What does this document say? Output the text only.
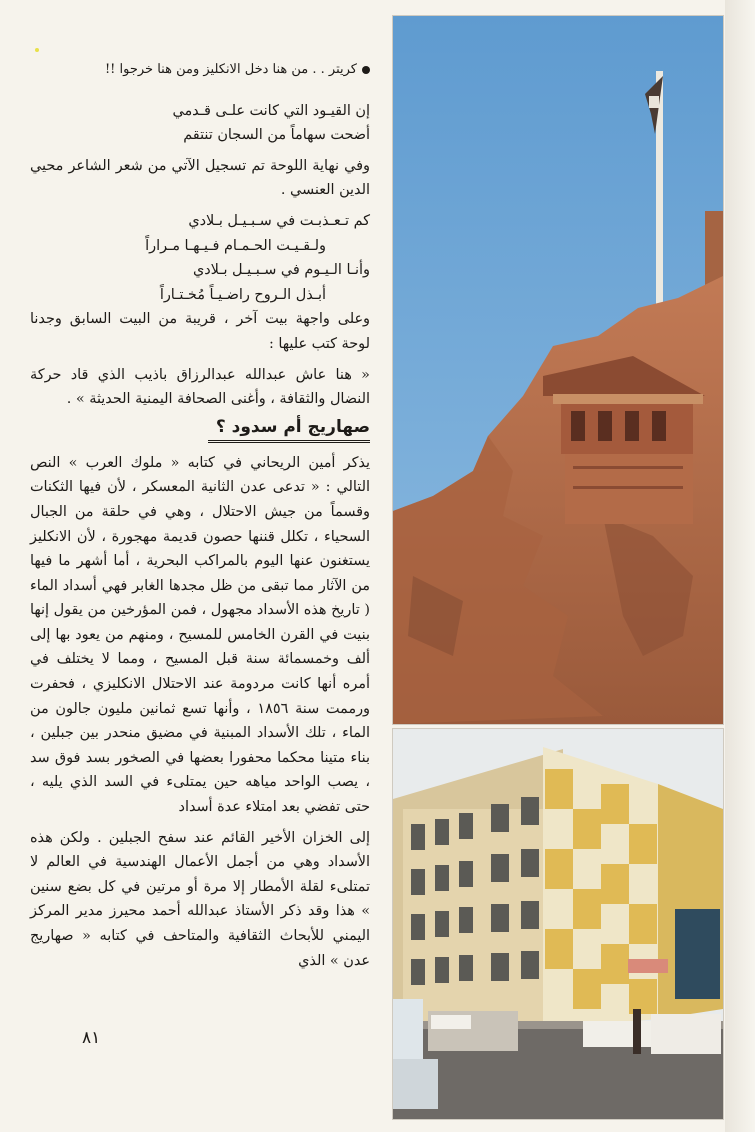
كريتر . . من هنا دخل الانكليز ومن هنا خرجوا !!

إن القيـود التي كانت علـى قـدمي

أضحت سهاماً من السجان تنتقم

وفي نهاية اللوحة تم تسجيل الآتي من شعر الشاعر محيي الدين العنسي .

كم تـعـذبـت في سـبـيـل بـلادي

ولـقـيـت الحـمـام فـيـهـا مـراراً

وأنـا الـيـوم في سـبـيـل بـلادي

أبـذل الـروح راضـيـاً مُخـتـاراً

وعلى واجهة بيت آخر ، قريبة من البيت السابق وجدنا لوحة كتب عليها :

« هنا عاش عبدالله عبدالرزاق باذيب الذي قاد حركة النضال والثقافة ، وأغنى الصحافة اليمنية الحديثة » .

صهاريج أم سدود ؟

يذكر أمين الريحاني في كتابه « ملوك العرب » النص التالي : « تدعى عدن الثانية المعسكر ، لأن فيها الثكنات وقسماً من جيش الاحتلال ، وهي في حلقة من الجبال السحياء ، تكلل قننها حصون قديمة مهجورة ، لأن الانكليز يستغنون عنها اليوم بالمراكب البحرية ، أما أشهر ما فيها من الآثار مما تبقى من ظل مجدها الغابر فهي أسداد الماء ( تاريخ هذه الأسداد مجهول ، فمن المؤرخين من يقول إنها بنيت في القرن الخامس للمسيح ، ومنهم من يعود بها إلى ألف وخمسمائة سنة قبل المسيح ، ومما لا يختلف في أمره أنها كانت مردومة عند الاحتلال الانكليزي ، فحفرت ورممت سنة ١٨٥٦ ، وأنها تسع ثمانين مليون جالون من الماء ، تلك الأسداد المبنية في مضيق منحدر بين جبلين ، بناء متينا محكما محفورا بعضها في الصخور بسد فوق سد ، يصب الواحد مياهه حين يمتلىء في السد الذي يليه ، حتى تفضي بعد امتلاء عدة أسداد

إلى الخزان الأخير القائم عند سفح الجبلين . ولكن هذه الأسداد وهي من أجمل الأعمال الهندسية في العالم لا تمتلىء لقلة الأمطار إلا مرة أو مرتين في كل بضع سنين » هذا وقد ذكر الأستاذ عبدالله أحمد محيرز مدير المركز اليمني للأبحاث الثقافية والمتاحف في كتابه « صهاريج عدن » الذي

٨١
